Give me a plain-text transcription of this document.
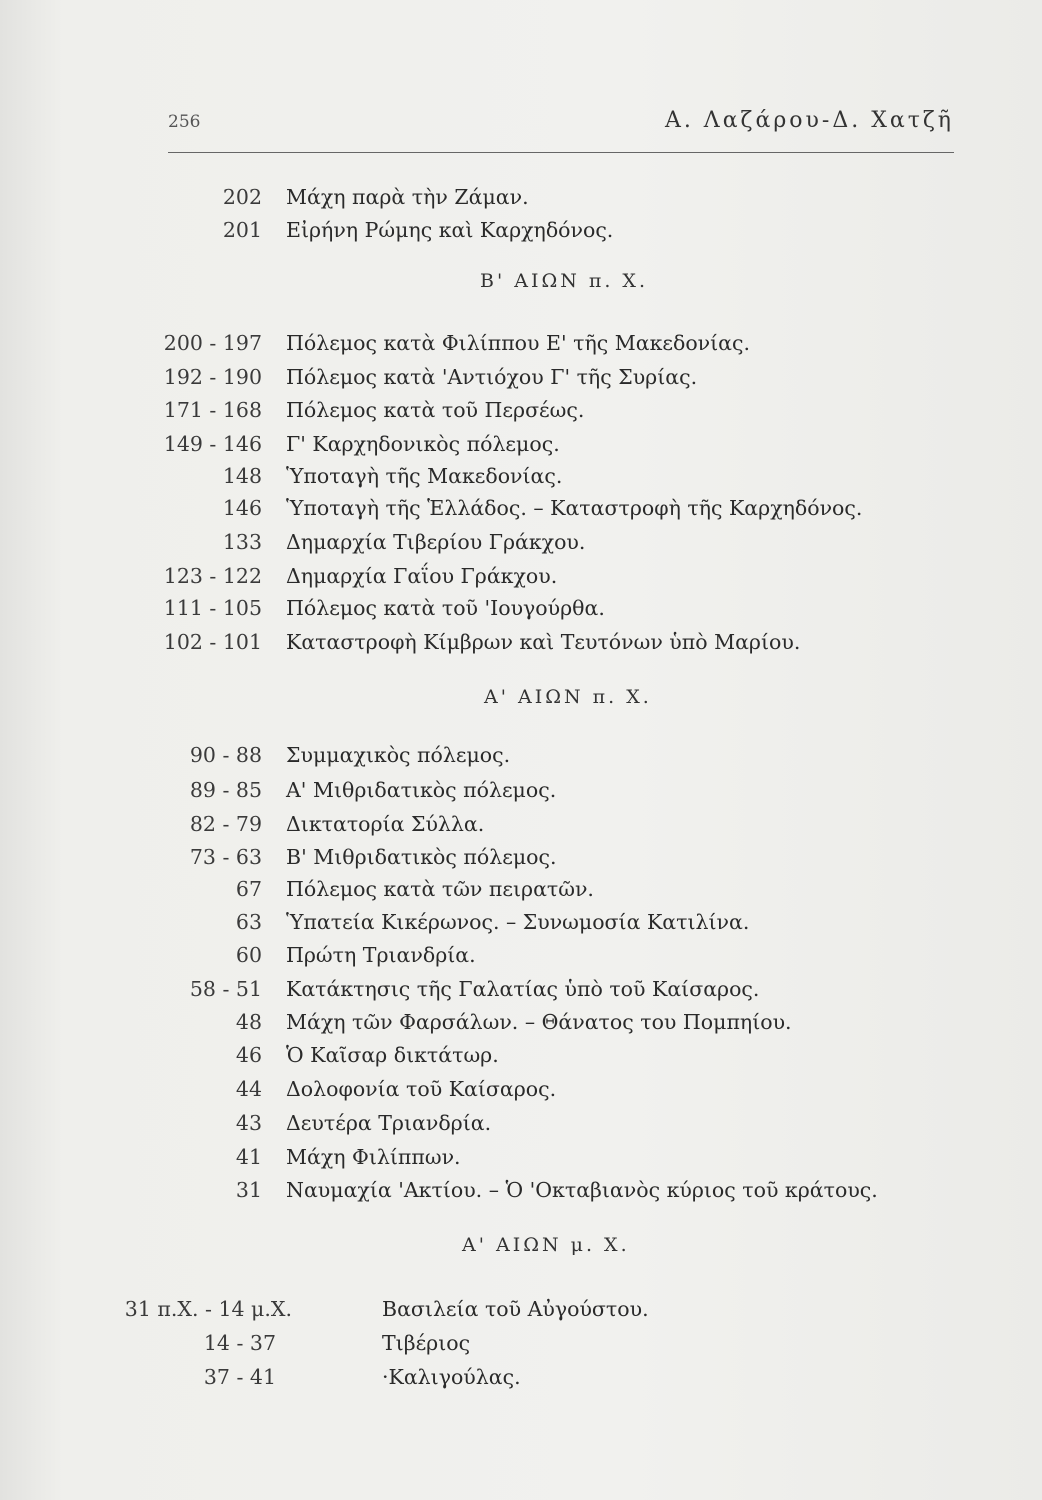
256	Α. Λαζάρου-Δ. Χατζῆ
202 Μάχη παρὰ τὴν Ζάμαν.
201 Εἰρήνη Ρώμης καὶ Καρχηδόνος.
Β' ΑΙΩΝ π. Χ.
200 - 197 Πόλεμος κατὰ Φιλίππου Ε' τῆς Μακεδονίας.
192 - 190 Πόλεμος κατὰ 'Αντιόχου Γ' τῆς Συρίας.
171 - 168 Πόλεμος κατὰ τοῦ Περσέως.
149 - 146 Γ' Καρχηδονικὸς πόλεμος.
148 Ὑποταγὴ τῆς Μακεδονίας.
146 Ὑποταγὴ τῆς Ἑλλάδος. – Καταστροφὴ τῆς Καρχηδόνος.
133 Δημαρχία Τιβερίου Γράκχου.
123 - 122 Δημαρχία Γαΐου Γράκχου.
111 - 105 Πόλεμος κατὰ τοῦ 'Ιουγούρθα.
102 - 101 Καταστροφὴ Κίμβρων καὶ Τευτόνων ὑπὸ Μαρίου.
Α' ΑΙΩΝ π. Χ.
90 - 88 Συμμαχικὸς πόλεμος.
89 - 85 Α' Μιθριδατικὸς πόλεμος.
82 - 79 Δικτατορία Σύλλα.
73 - 63 Β' Μιθριδατικὸς πόλεμος.
67 Πόλεμος κατὰ τῶν πειρατῶν.
63 Ὑπατεία Κικέρωνος. – Συνωμοσία Κατιλίνα.
60 Πρώτη Τριανδρία.
58 - 51 Κατάκτησις τῆς Γαλατίας ὑπὸ τοῦ Καίσαρος.
48 Μάχη τῶν Φαρσάλων. – Θάνατος του Πομπηίου.
46 Ὁ Καῖσαρ δικτάτωρ.
44 Δολοφονία τοῦ Καίσαρος.
43 Δευτέρα Τριανδρία.
41 Μάχη Φιλίππων.
31 Ναυμαχία 'Ακτίου. – Ὁ 'Οκταβιανὸς κύριος τοῦ κράτους.
Α' ΑΙΩΝ μ. Χ.
31 π.Χ. - 14 μ.Χ.	Βασιλεία τοῦ Αὐγούστου.
14 - 37	Τιβέριος
37 - 41	·Καλιγούλας.
